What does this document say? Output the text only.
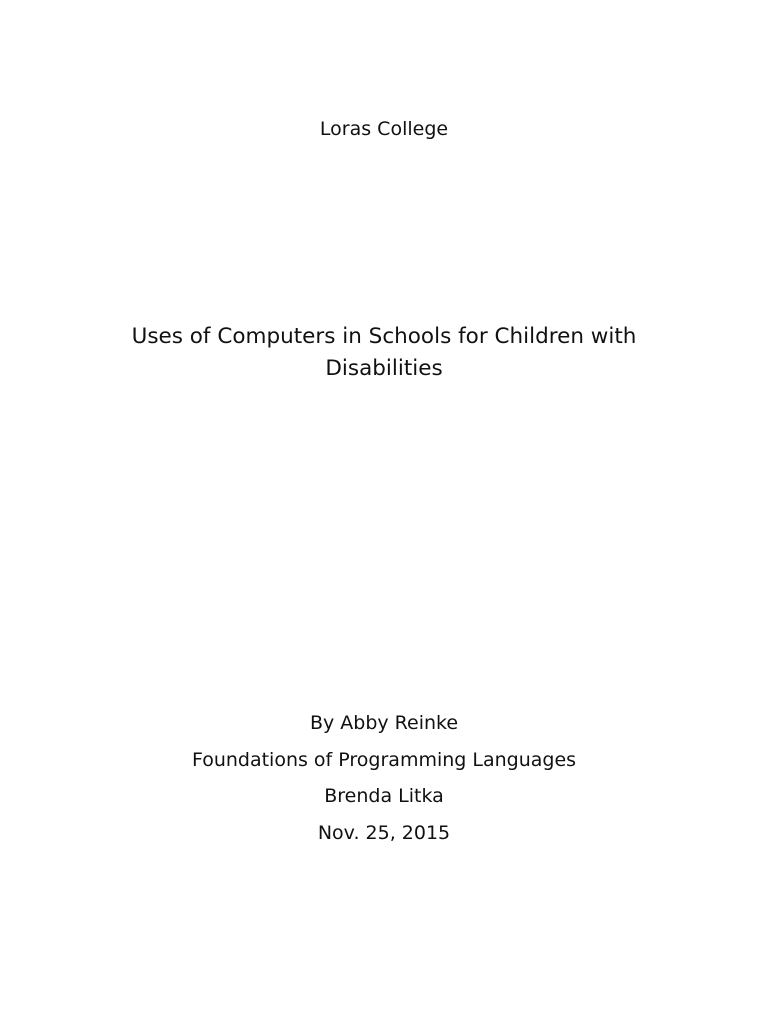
Loras College

Uses of Computers in Schools for Children with
Disabilities
By Abby Reinke
Foundations of Programming Languages
Brenda Litka
Nov. 25, 2015
